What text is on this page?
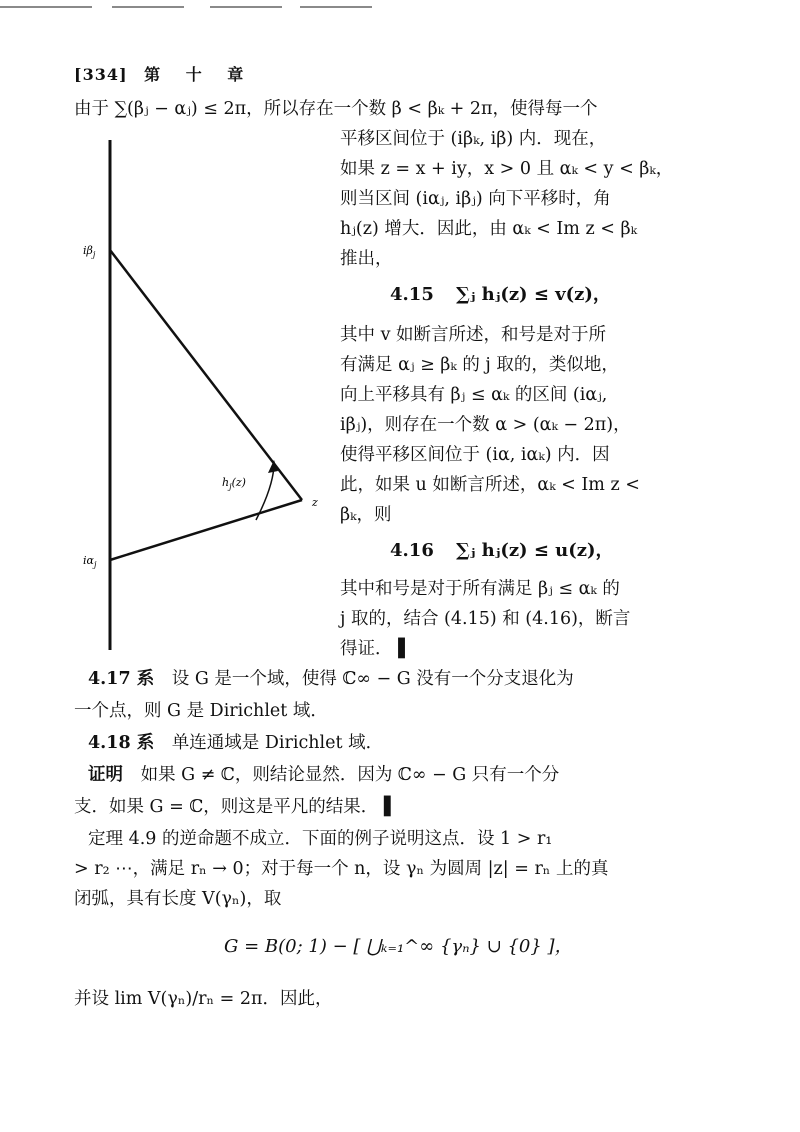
[334] 第 十 章
由于 ∑(βⱼ − αⱼ) ≤ 2π，所以存在一个数 β < βₖ + 2π，使得每一个
$i\beta_j$
$i\alpha_j$
$h_j(z)$
z
平移区间位于 (iβₖ, iβ) 内．现在，
如果 z = x + iy，x > 0 且 αₖ < y < βₖ，
则当区间 (iαⱼ, iβⱼ) 向下平移时，角
hⱼ(z) 增大．因此，由 αₖ < Im z < βₖ
推出，
4.15 ∑ⱼ hⱼ(z) ≤ v(z)，
其中 v 如断言所述，和号是对于所
有满足 αⱼ ≥ βₖ 的 j 取的，类似地，
向上平移具有 βⱼ ≤ αₖ 的区间 (iαⱼ,
iβⱼ)，则存在一个数 α > (αₖ − 2π)，
使得平移区间位于 (iα, iαₖ) 内．因
此，如果 u 如断言所述，αₖ < Im z <
βₖ，则
4.16 ∑ⱼ hⱼ(z) ≤ u(z)，
其中和号是对于所有满足 βⱼ ≤ αₖ 的
j 取的，结合 (4.15) 和 (4.16)，断言
得证． ▌
4.17 系 设 G 是一个域，使得 ℂ∞ − G 没有一个分支退化为
一个点，则 G 是 Dirichlet 域．
4.18 系 单连通域是 Dirichlet 域．
证明 如果 G ≠ ℂ，则结论显然．因为 ℂ∞ − G 只有一个分
支．如果 G = ℂ，则这是平凡的结果． ▌
定理 4.9 的逆命题不成立．下面的例子说明这点．设 1 > r₁
> r₂ ⋯，满足 rₙ → 0；对于每一个 n，设 γₙ 为圆周 |z| = rₙ 上的真
闭弧，具有长度 V(γₙ)，取
G = B(0; 1) − [ ⋃ₖ₌₁^∞ {γₙ} ∪ {0} ]，
并设 lim V(γₙ)/rₙ = 2π．因此，
